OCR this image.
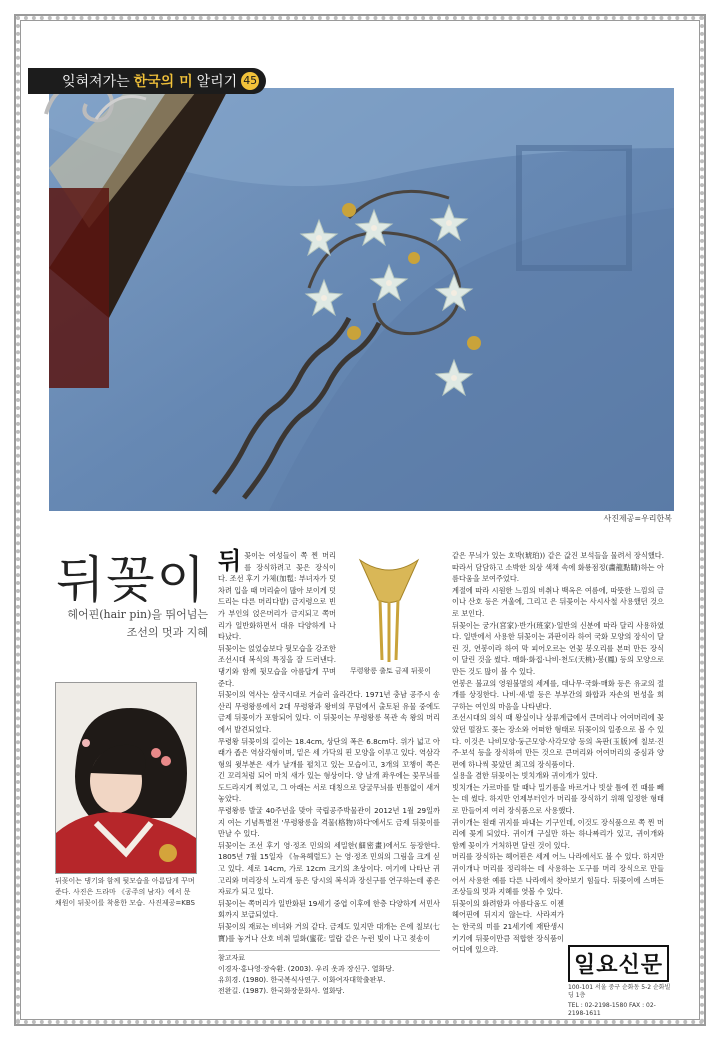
잊혀져가는 한국의 미 알리기 45
사진제공=우리한복
뒤꽂이
헤어핀(hair pin)을 뛰어넘는
조선의 멋과 지혜
뒤꽂이는 댕기와 함께 뒷모습을 아름답게 꾸며준다. 사진은 드라마 《공주의 남자》에서 문채원이 뒤꽂이를 착용한 모습. 사진제공=KBS

뒤꽂이는 여성들이 쪽 찐 머리를 장식하려고 꽂은 장식이다. 조선 후기 가체(加髢: 부녀자가 덧 차려 입을 때 머리숱이 많아 보이게 덧 드리는 다른 머리다발) 금지령으로 빈가 부인의 얹은머리가 금지되고 쪽머리가 일반화하면서 대유 다양하게 나타났다.

뒤꽂이는 얹었습보다 뒷모습을 강조한 조선시대 복식의 특징을 잘 드러낸다. 댕기와 함께 뒷모습을 아름답게 꾸며준다.

뒤꽂이의 역사는 삼국시대로 거슬러 올라간다. 1971년 충남 공주시 송산리 무령왕릉에서 2대 무령왕과 왕비의 무덤에서 출토된 유물 중에도 금제 뒤꽂이가 포함되어 있다. 이 뒤꽂이는 무령왕릉 목관 속 왕의 머리에서 발견되었다.

무령왕 뒤꽂이의 길이는 18.4cm, 상단의 폭은 6.8cm다. 위가 넓고 아래가 좁은 역삼각형이며, 밑은 세 가닥의 핀 모양을 이루고 있다. 역삼각형의 윗부분은 새가 날개를 펼치고 있는 모습이고, 3개의 꼬챙이 쪽은 긴 꼬리처럼 되어 마치 새가 있는 형상이다. 양 날개 좌우에는 꽃무늬를 도드라지게 찍었고, 그 아래는 서로 대칭으로 당굴무늬를 빈틈없이 새겨 놓았다.

무령왕릉 발굴 40주년을 맞아 국립공주박물관이 2012년 1월 29일까지 여는 기념특별전 '무령왕릉을 격물(格物)하다'에서도 금제 뒤꽂이를 만날 수 있다.

뒤꽂이는 조선 후기 영·정조 민의의 세밀한(細密畫)에서도 등장한다. 1805년 7월 15일자 《뉴욕헤럴드》는 영·정조 민의의 그림을 크게 싣고 있다. 세로 14cm, 가로 12cm 크기의 초상이다. 여기에 나타난 귀고리와 머리장식 노리개 등은 당시의 복식과 장신구를 연구하는데 좋은 자료가 되고 있다.

뒤꽂이는 쪽머리가 일반화된 19세기 중엽 이후에 한층 다양하게 서민사회까지 보급되었다.

뒤꽂이의 재료는 비녀와 거의 같다. 금제도 있지만 대개는 은에 칠보(七寶)를 놓거나 산호 비취 밀화(蜜花: 밀랍 같은 누런 빛이 나고 젖송이

무령왕릉 출토 금제 뒤꽂이

같은 무늬가 있는 호박(琥珀)) 같은 값진 보석들을 물려서 장식했다. 따라서 담담하고 소박한 의상 색채 속에 화룡점정(畵龍點睛)하는 아름다움을 보여주었다.

계절에 따라 시원한 느낌의 비취나 백옥은 여름에, 따뜻한 느낌의 금이나 산호 등은 겨울에, 그리고 은 뒤꽂이는 사시사철 사용했던 것으로 보인다.

뒤꽂이는 궁가(宮家)·반가(班家)·일반의 신분에 따라 달리 사용하였다. 일반에서 사용한 뒤꽂이는 과판이라 하여 국화 모양의 장식이 달린 것, 연봉이라 하여 막 피어오르는 연꽃 봉오리를 본떠 만든 장식이 달린 것을 썼다. 매화·화접·나비·천도(天桃)·봉(鳳) 등의 모양으로 만든 것도 많이 볼 수 있다.

연봉은 불교의 영원불멸의 세계를, 대나무·국화·매화 등은 유교의 절개를 상징한다. 나비·새·벌 등은 부부간의 화합과 자손의 번성을 희구하는 여인의 마음을 나타낸다.

조선시대의 의식 때 왕실이나 상류계급에서 큰머리나 어여머리에 꽂았던 떨잠도 꽂는 장소와 어떠한 형태로 뒤꽂이의 일종으로 볼 수 있다. 이것은 나비모양·둥근모양·사각모양 등의 옥판(玉版)에 칠보·진주·보석 등을 장식하여 만든 것으로 큰머리와 어여머리의 중심과 양편에 하나씩 꽂았던 최고의 장식품이다.

실용을 겸한 뒤꽂이는 빗치개와 귀이개가 있다.

빗치개는 가르마를 탈 때나 밀기름을 바르거나 빗살 틈에 낀 때를 빼는 데 썼다. 하지만 언제부터인가 머리를 장식하기 위해 일정한 형태로 만들어져 여러 장식품으로 사용했다.

귀이개는 원래 귀지를 파내는 기구인데, 이것도 장식품으로 쪽 찐 머리에 꽂게 되었다. 귀이개 구실만 하는 하나짜리가 있고, 귀이개와 함께 꽂이가 거처하면 달린 것이 있다.

머리를 장식하는 헤어핀은 세계 어느 나라에서도 볼 수 있다. 하지만 귀이개나 머리를 정리하는 데 사용하는 도구를 머리 장식으로 만들어서 사용한 예를 다른 나라에서 찾아보기 힘들다. 뒤꽂이에 스며든 조상들의 멋과 지혜를 엿볼 수 있다.

뒤꽂이의 화려함과 아름다움도 이젠 헤어핀에 뒤지지 않는다. 사라져가는 한국의 미를 21세기에 재탄생시키기에 뒤꽂이만큼 적합한 장식품이 어디에 있으랴.

참고자료
이경자·홍나영·장숙환. (2003). 우리 옷과 장신구. 열화당.
유희경. (1980). 한국복식사연구. 이화여자대학출판부.
전완길. (1987). 한국화장문화사. 열화당.
일요신문
100-101 서울 중구 순화동 5-2 순화빌딩 1층
TEL : 02-2198-1580 FAX : 02-2198-1611
